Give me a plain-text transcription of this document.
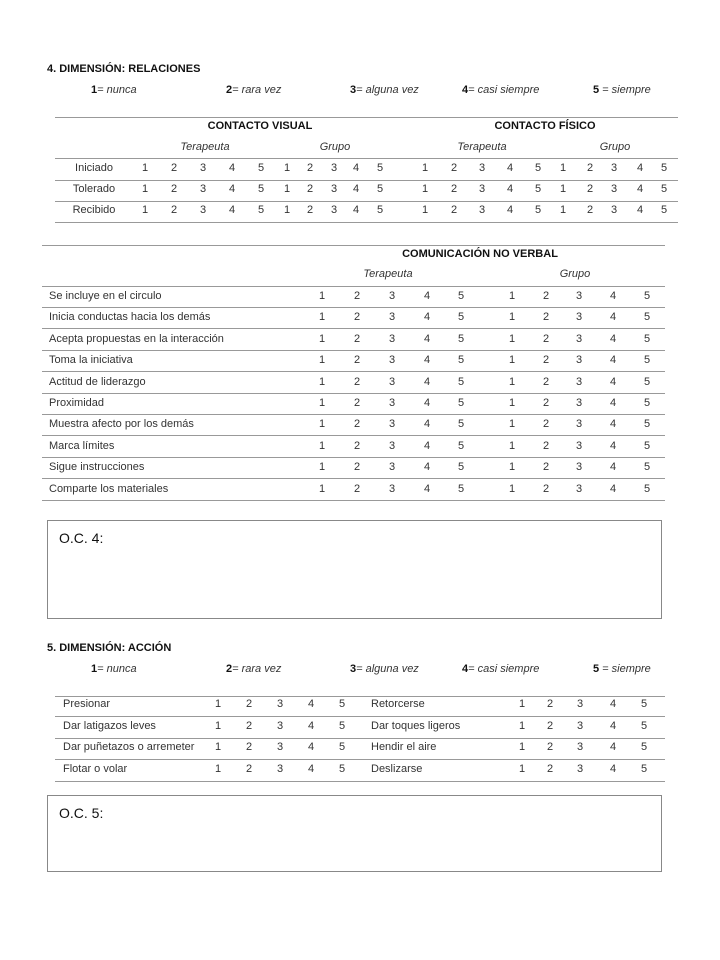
4. DIMENSIÓN: RELACIONES
1= nunca	2= rara vez	3= alguna vez	4= casi siempre	5 = siempre
CONTACTO VISUAL	CONTACTO FÍSICO
Terapeuta	Grupo	Terapeuta	Grupo
Iniciado	1	2	3	4	5	1	2	3	4	5	1	2	3	4	5	1	2	3	4	5
Tolerado	1	2	3	4	5	1	2	3	4	5	1	2	3	4	5	1	2	3	4	5
Recibido	1	2	3	4	5	1	2	3	4	5	1	2	3	4	5	1	2	3	4	5
COMUNICACIÓN NO VERBAL
Terapeuta	Grupo
Se incluye en el circulo	1	2	3	4	5	1	2	3	4	5
Inicia conductas hacia los demás	1	2	3	4	5	1	2	3	4	5
Acepta propuestas en la interacción	1	2	3	4	5	1	2	3	4	5
Toma la iniciativa	1	2	3	4	5	1	2	3	4	5
Actitud de liderazgo	1	2	3	4	5	1	2	3	4	5
Proximidad	1	2	3	4	5	1	2	3	4	5
Muestra afecto por los demás	1	2	3	4	5	1	2	3	4	5
Marca límites	1	2	3	4	5	1	2	3	4	5
Sigue instrucciones	1	2	3	4	5	1	2	3	4	5
Comparte los materiales	1	2	3	4	5	1	2	3	4	5
O.C. 4:
5. DIMENSIÓN: ACCIÓN
1= nunca	2= rara vez	3= alguna vez	4= casi siempre	5 = siempre
Presionar	1	2	3	4	5	Retorcerse	1	2	3	4	5
Dar latigazos leves	1	2	3	4	5	Dar toques ligeros	1	2	3	4	5
Dar puñetazos o arremeter	1	2	3	4	5	Hendir el aire	1	2	3	4	5
Flotar o volar	1	2	3	4	5	Deslizarse	1	2	3	4	5
O.C. 5:
